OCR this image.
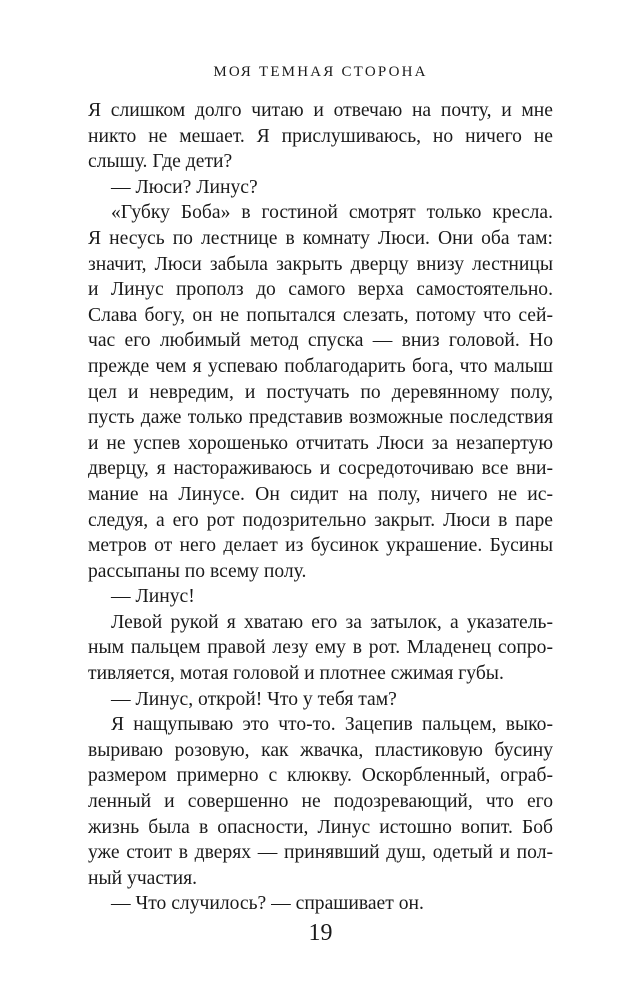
МОЯ ТЕМНАЯ СТОРОНА
Я слишком долго читаю и отвечаю на почту, и мне
никто не мешает. Я прислушиваюсь, но ничего не
слышу. Где дети?
— Люси? Линус?
«Губку Боба» в гостиной смотрят только кресла.
Я несусь по лестнице в комнату Люси. Они оба там:
значит, Люси забыла закрыть дверцу внизу лестницы
и Линус прополз до самого верха самостоятельно.
Слава богу, он не попытался слезать, потому что сей-
час его любимый метод спуска — вниз головой. Но
прежде чем я успеваю поблагодарить бога, что малыш
цел и невредим, и постучать по деревянному полу,
пусть даже только представив возможные последствия
и не успев хорошенько отчитать Люси за незапертую
дверцу, я настораживаюсь и сосредоточиваю все вни-
мание на Линусе. Он сидит на полу, ничего не ис-
следуя, а его рот подозрительно закрыт. Люси в паре
метров от него делает из бусинок украшение. Бусины
рассыпаны по всему полу.
— Линус!
Левой рукой я хватаю его за затылок, а указатель-
ным пальцем правой лезу ему в рот. Младенец сопро-
тивляется, мотая головой и плотнее сжимая губы.
— Линус, открой! Что у тебя там?
Я нащупываю это что-то. Зацепив пальцем, выко-
выриваю розовую, как жвачка, пластиковую бусину
размером примерно с клюкву. Оскорбленный, ограб-
ленный и совершенно не подозревающий, что его
жизнь была в опасности, Линус истошно вопит. Боб
уже стоит в дверях — принявший душ, одетый и пол-
ный участия.
— Что случилось? — спрашивает он.
19
